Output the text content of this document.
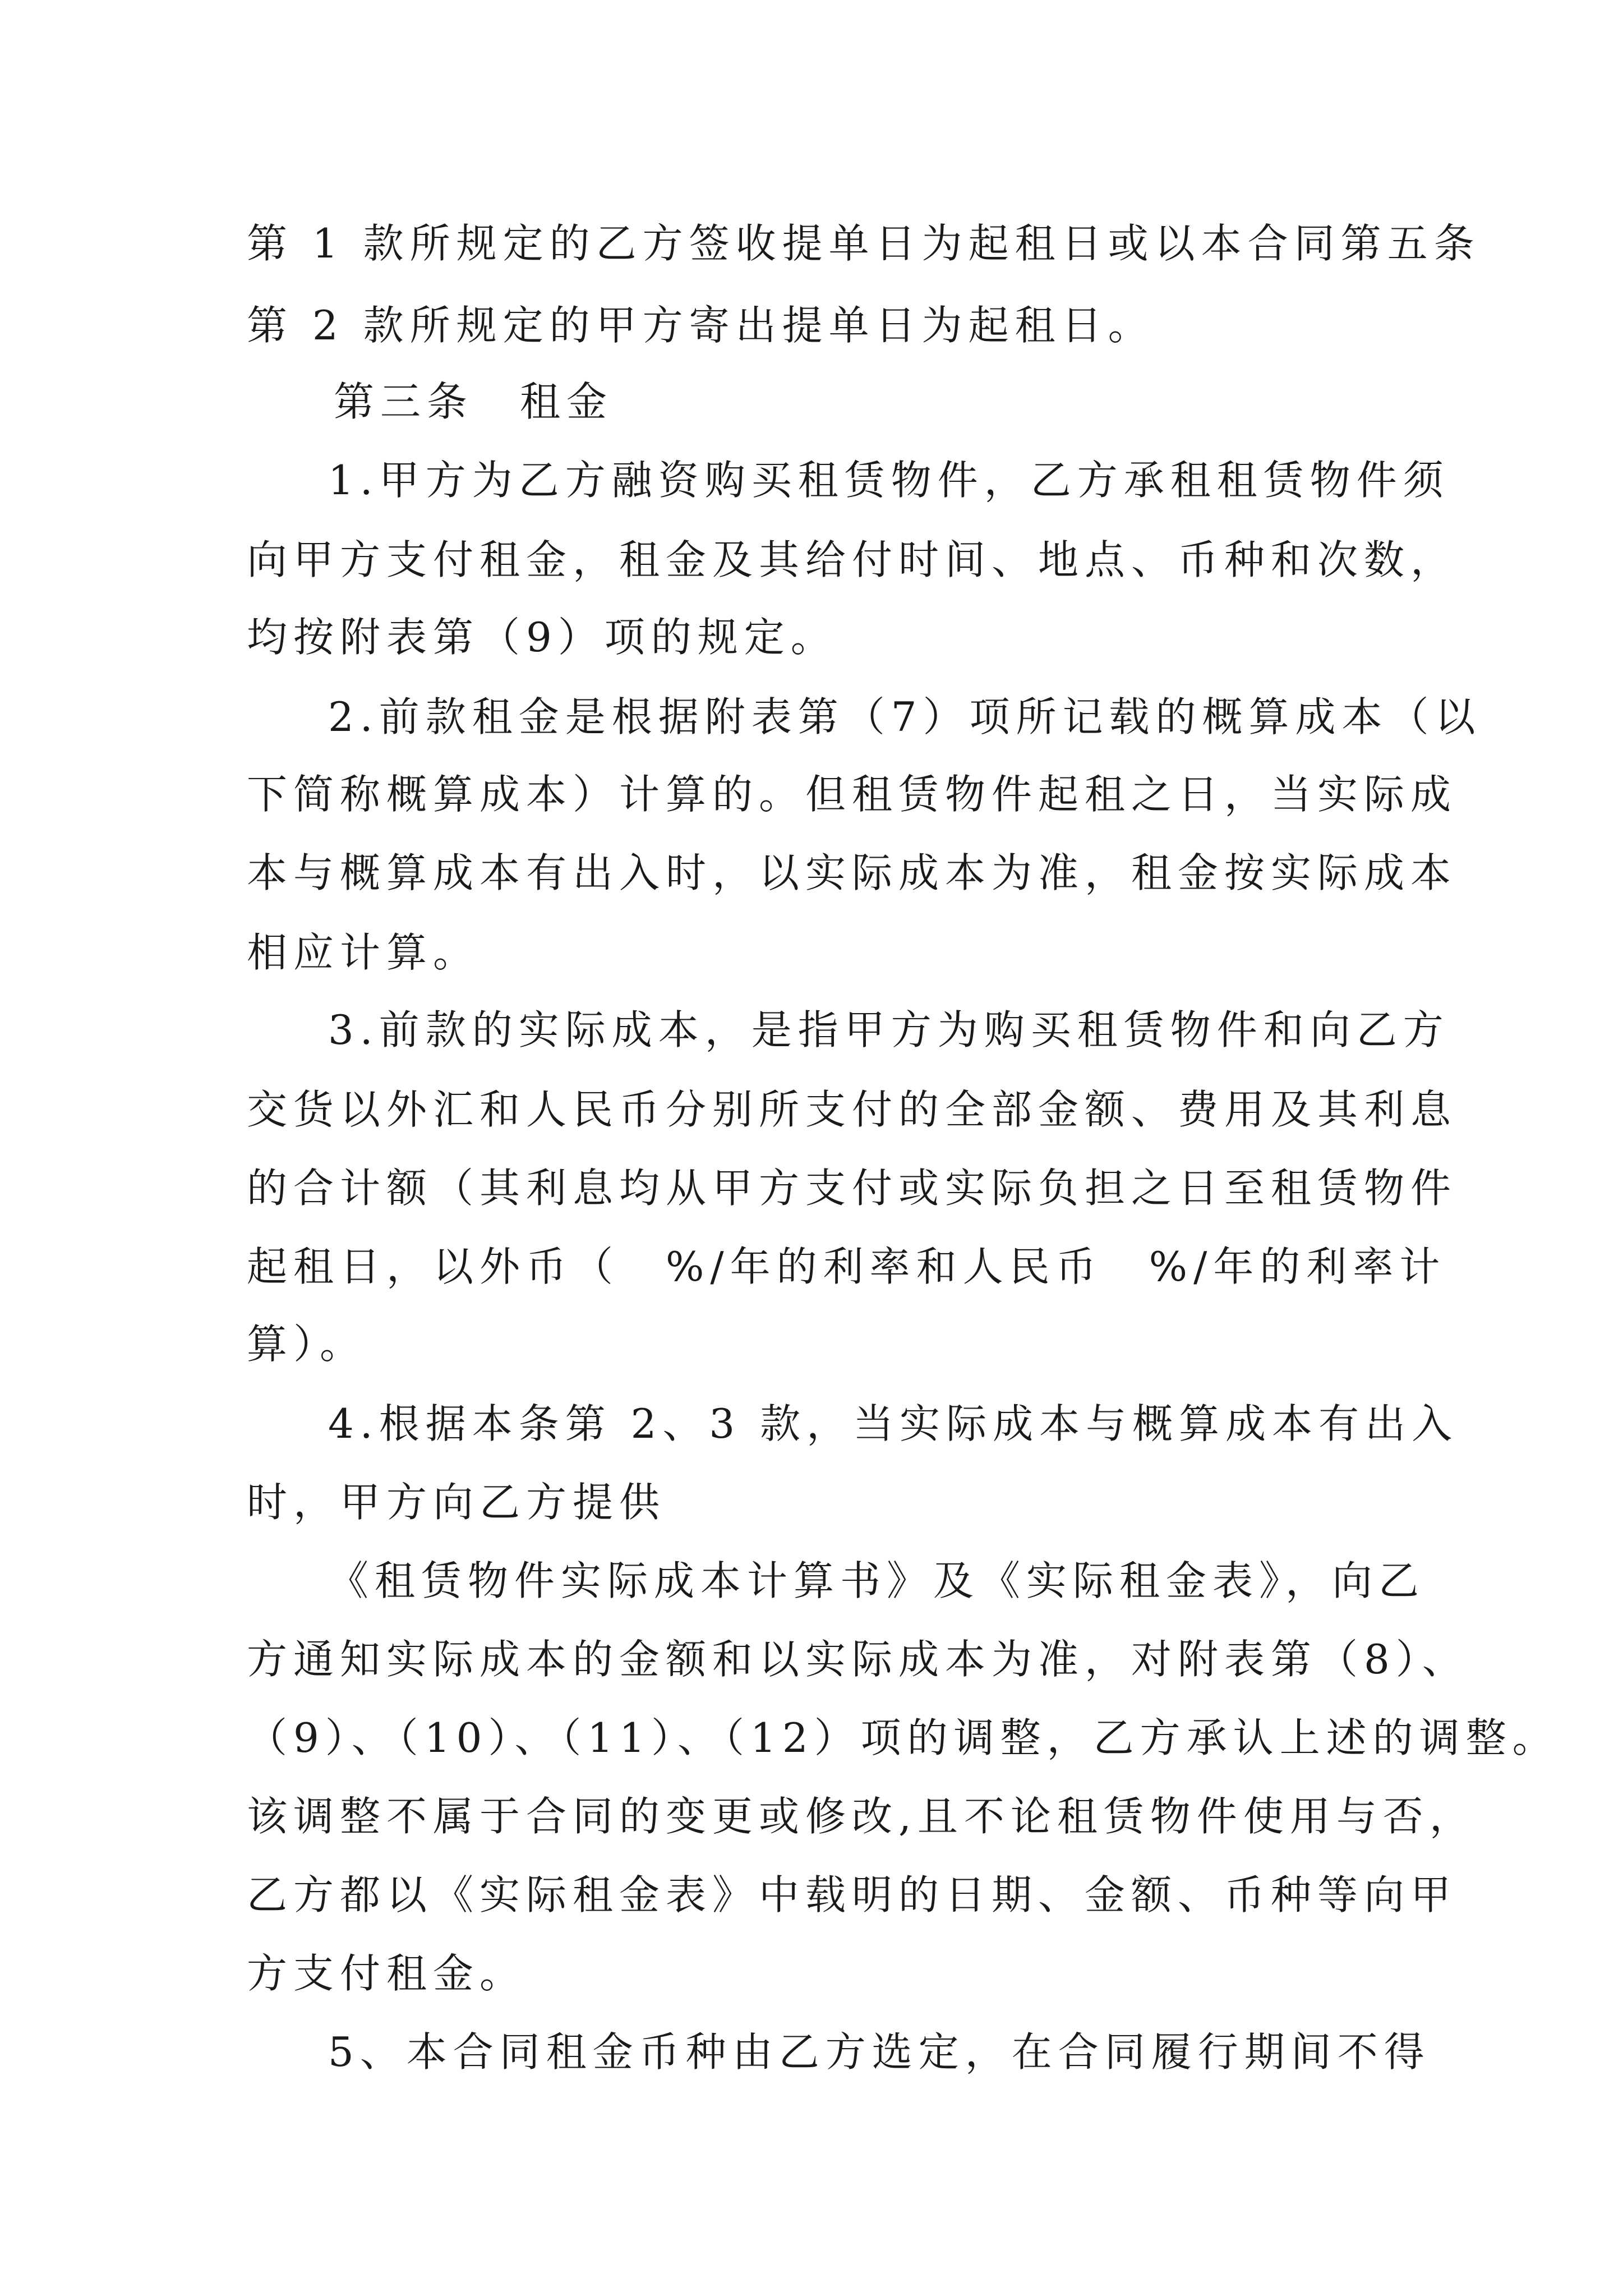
第 1 款所规定的乙方签收提单日为起租日或以本合同第五条
第 2 款所规定的甲方寄出提单日为起租日。
第三条　租金
1.甲方为乙方融资购买租赁物件，乙方承租租赁物件须
向甲方支付租金，租金及其给付时间、地点、币种和次数，
均按附表第（9）项的规定。
2.前款租金是根据附表第（7）项所记载的概算成本（以
下简称概算成本）计算的。但租赁物件起租之日，当实际成
本与概算成本有出入时，以实际成本为准，租金按实际成本
相应计算。
3.前款的实际成本，是指甲方为购买租赁物件和向乙方
交货以外汇和人民币分别所支付的全部金额、费用及其利息
的合计额（其利息均从甲方支付或实际负担之日至租赁物件
起租日，以外币（　%/年的利率和人民币　%/年的利率计
算）。
4.根据本条第 2、3 款，当实际成本与概算成本有出入
时，甲方向乙方提供
《租赁物件实际成本计算书》及《实际租金表》，向乙
方通知实际成本的金额和以实际成本为准，对附表第（8）、
（9）、（10）、（11）、（12）项的调整，乙方承认上述的调整。
该调整不属于合同的变更或修改,且不论租赁物件使用与否，
乙方都以《实际租金表》中载明的日期、金额、币种等向甲
方支付租金。
5、本合同租金币种由乙方选定，在合同履行期间不得
